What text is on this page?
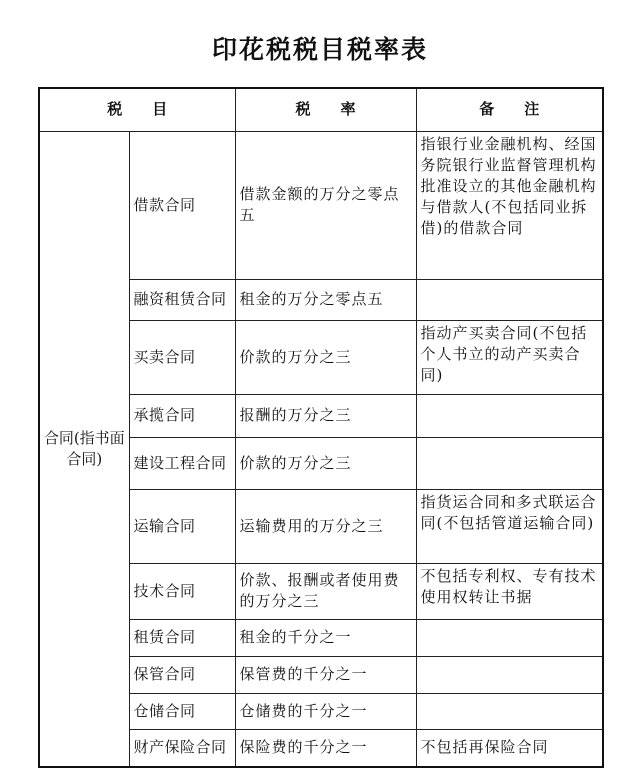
印花税税目税率表
税　　目		税　　率	备　　注
合同(指书面合同)	借款合同	借款金额的万分之零点五	指银行业金融机构、经国务院银行业监督管理机构批准设立的其他金融机构与借款人(不包括同业拆借)的借款合同
	融资租赁合同	租金的万分之零点五	
	买卖合同	价款的万分之三	指动产买卖合同(不包括个人书立的动产买卖合同)
	承揽合同	报酬的万分之三	
	建设工程合同	价款的万分之三	
	运输合同	运输费用的万分之三	指货运合同和多式联运合同(不包括管道运输合同)
	技术合同	价款、报酬或者使用费的万分之三	不包括专利权、专有技术使用权转让书据
	租赁合同	租金的千分之一	
	保管合同	保管费的千分之一	
	仓储合同	仓储费的千分之一	
	财产保险合同	保险费的千分之一	不包括再保险合同
